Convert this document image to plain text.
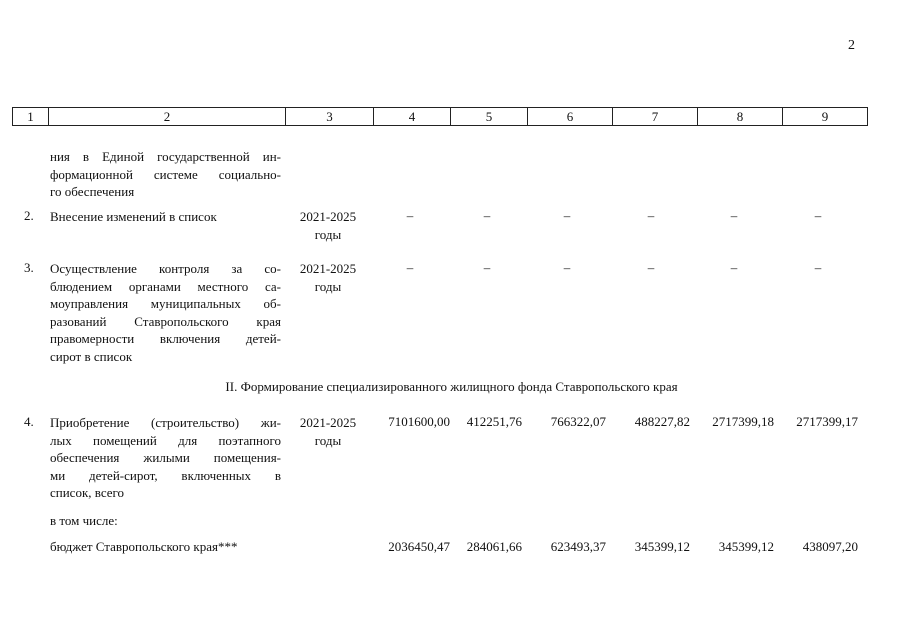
2
1	2	3	4	5	6	7	8	9
ния в Единой государственной ин-
формационной системе социально-
го обеспечения
2. Внесение изменений в список	2021-2025
годы
–	–	–	–	–	–
3. Осуществление контроля за со-
блюдением органами местного са-
моуправления муниципальных об-
разований Ставропольского края
правомерности включения детей-
сирот в список
2021-2025
годы
–	–	–	–	–	–
II. Формирование специализированного жилищного фонда Ставропольского края
4. Приобретение (строительство) жи-
лых помещений для поэтапного
обеспечения жилыми помещения-
ми детей-сирот, включенных в
список, всего
2021-2025
годы
7101600,00 412251,76 766322,07 488227,82 2717399,18 2717399,17
в том числе:
бюджет Ставропольского края***	2036450,47 284061,66 623493,37 345399,12 345399,12 438097,20
